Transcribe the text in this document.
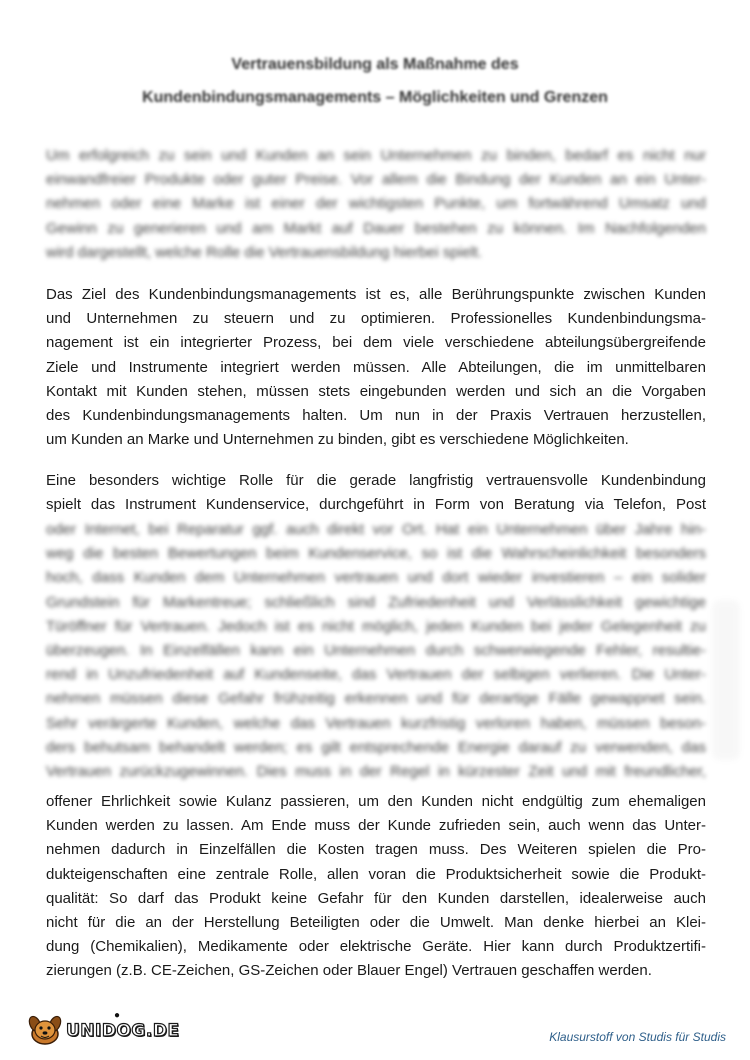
Vertrauensbildung als Maßnahme des
Kundenbindungsmanagements – Möglichkeiten und Grenzen
Um erfolgreich zu sein und Kunden an sein Unternehmen zu binden, bedarf es nicht nur
einwandfreier Produkte oder guter Preise. Vor allem die Bindung der Kunden an ein Unter-
nehmen oder eine Marke ist einer der wichtigsten Punkte, um fortwährend Umsatz und
Gewinn zu generieren und am Markt auf Dauer bestehen zu können. Im Nachfolgenden
wird dargestellt, welche Rolle die Vertrauensbildung hierbei spielt.
Das Ziel des Kundenbindungsmanagements ist es, alle Berührungspunkte zwischen Kunden
und Unternehmen zu steuern und zu optimieren. Professionelles Kundenbindungsma-
nagement ist ein integrierter Prozess, bei dem viele verschiedene abteilungsübergreifende
Ziele und Instrumente integriert werden müssen. Alle Abteilungen, die im unmittelbaren
Kontakt mit Kunden stehen, müssen stets eingebunden werden und sich an die Vorgaben
des Kundenbindungsmanagements halten. Um nun in der Praxis Vertrauen herzustellen,
um Kunden an Marke und Unternehmen zu binden, gibt es verschiedene Möglichkeiten.
Eine besonders wichtige Rolle für die gerade langfristig vertrauensvolle Kundenbindung
spielt das Instrument Kundenservice, durchgeführt in Form von Beratung via Telefon, Post
oder Internet, bei Reparatur ggf. auch direkt vor Ort. Hat ein Unternehmen über Jahre hin-
weg die besten Bewertungen beim Kundenservice, so ist die Wahrscheinlichkeit besonders
hoch, dass Kunden dem Unternehmen vertrauen und dort wieder investieren – ein solider
Grundstein für Markentreue; schließlich sind Zufriedenheit und Verlässlichkeit gewichtige
Türöffner für Vertrauen. Jedoch ist es nicht möglich, jeden Kunden bei jeder Gelegenheit zu
überzeugen. In Einzelfällen kann ein Unternehmen durch schwerwiegende Fehler, resultie-
rend in Unzufriedenheit auf Kundenseite, das Vertrauen der selbigen verlieren. Die Unter-
nehmen müssen diese Gefahr frühzeitig erkennen und für derartige Fälle gewappnet sein.
Sehr verärgerte Kunden, welche das Vertrauen kurzfristig verloren haben, müssen beson-
ders behutsam behandelt werden; es gilt entsprechende Energie darauf zu verwenden, das
Vertrauen zurückzugewinnen. Dies muss in der Regel in kürzester Zeit und mit freundlicher,
offener Ehrlichkeit sowie Kulanz passieren, um den Kunden nicht endgültig zum ehemaligen
Kunden werden zu lassen. Am Ende muss der Kunde zufrieden sein, auch wenn das Unter-
nehmen dadurch in Einzelfällen die Kosten tragen muss. Des Weiteren spielen die Pro-
dukteigenschaften eine zentrale Rolle, allen voran die Produktsicherheit sowie die Produkt-
qualität: So darf das Produkt keine Gefahr für den Kunden darstellen, idealerweise auch
nicht für die an der Herstellung Beteiligten oder die Umwelt. Man denke hierbei an Klei-
dung (Chemikalien), Medikamente oder elektrische Geräte. Hier kann durch Produktzertifi-
zierungen (z.B. CE-Zeichen, GS-Zeichen oder Blauer Engel) Vertrauen geschaffen werden.
UNIDOG.DE
●
Klausurstoff von Studis für Studis
